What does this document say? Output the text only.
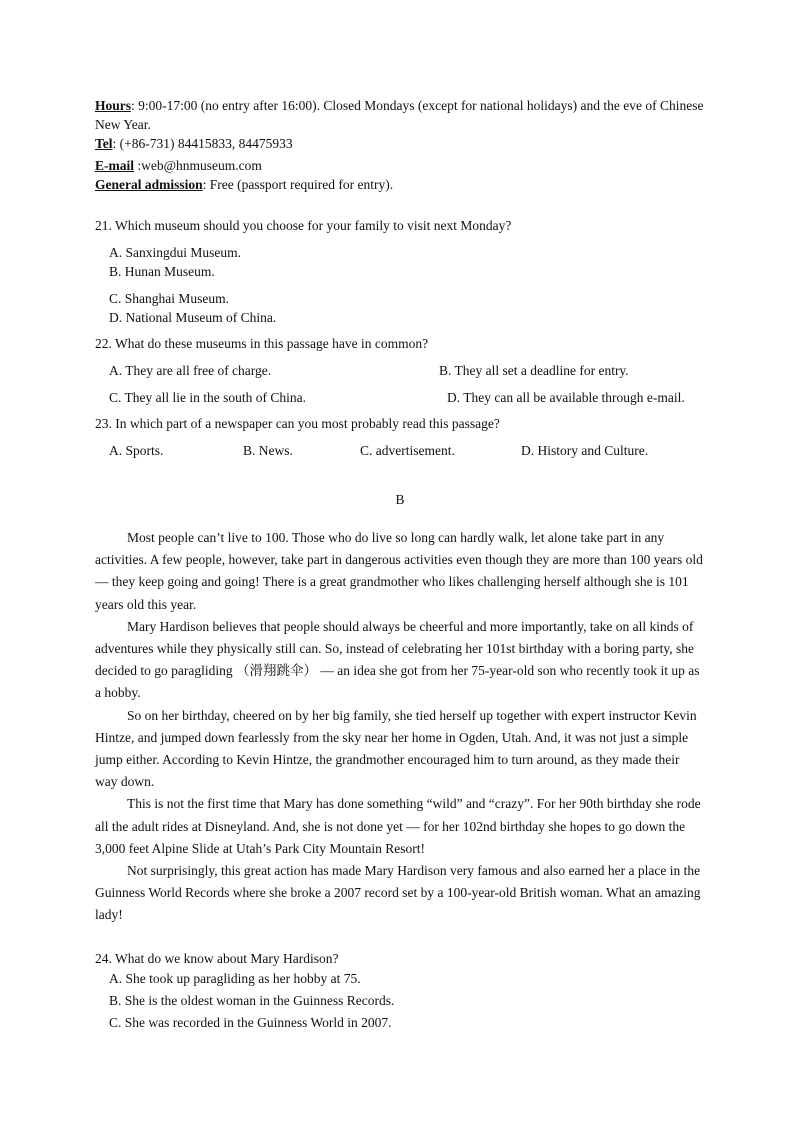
Hours: 9:00-17:00 (no entry after 16:00). Closed Mondays (except for national holidays) and the eve of Chinese New Year.

Tel: (+86-731) 84415833, 84475933

E-mail :web@hnmuseum.com

General admission: Free (passport required for entry).

21. Which museum should you choose for your family to visit next Monday?

A. Sanxingdui Museum.
B. Hunan Museum.
C. Shanghai Museum.
D. National Museum of China.

22. What do these museums in this passage have in common?

A. They are all free of charge.	B. They all set a deadline for entry.
C. They all lie in the south of China.	D. They can all be available through e-mail.

23. In which part of a newspaper can you most probably read this passage?

A. Sports.	B. News.	C. advertisement.	D. History and Culture.
B

Most people can’t live to 100. Those who do live so long can hardly walk, let alone take part in any activities. A few people, however, take part in dangerous activities even though they are more than 100 years old — they keep going and going! There is a great grandmother who likes challenging herself although she is 101 years old this year.

Mary Hardison believes that people should always be cheerful and more importantly, take on all kinds of adventures while they physically still can. So, instead of celebrating her 101st birthday with a boring party, she decided to go paragliding （滑翔跳伞） — an idea she got from her 75-year-old son who recently took it up as a hobby.

So on her birthday, cheered on by her big family, she tied herself up together with expert instructor Kevin Hintze, and jumped down fearlessly from the sky near her home in Ogden, Utah. And, it was not just a simple jump either. According to Kevin Hintze, the grandmother encouraged him to turn around, as they made their way down.

This is not the first time that Mary has done something “wild” and “crazy”. For her 90th birthday she rode all the adult rides at Disneyland. And, she is not done yet — for her 102nd birthday she hopes to go down the 3,000 feet Alpine Slide at Utah’s Park City Mountain Resort!

Not surprisingly, this great action has made Mary Hardison very famous and also earned her a place in the Guinness World Records where she broke a 2007 record set by a 100-year-old British woman. What an amazing lady!

24. What do we know about Mary Hardison?

A. She took up paragliding as her hobby at 75.
B. She is the oldest woman in the Guinness Records.
C. She was recorded in the Guinness World in 2007.
